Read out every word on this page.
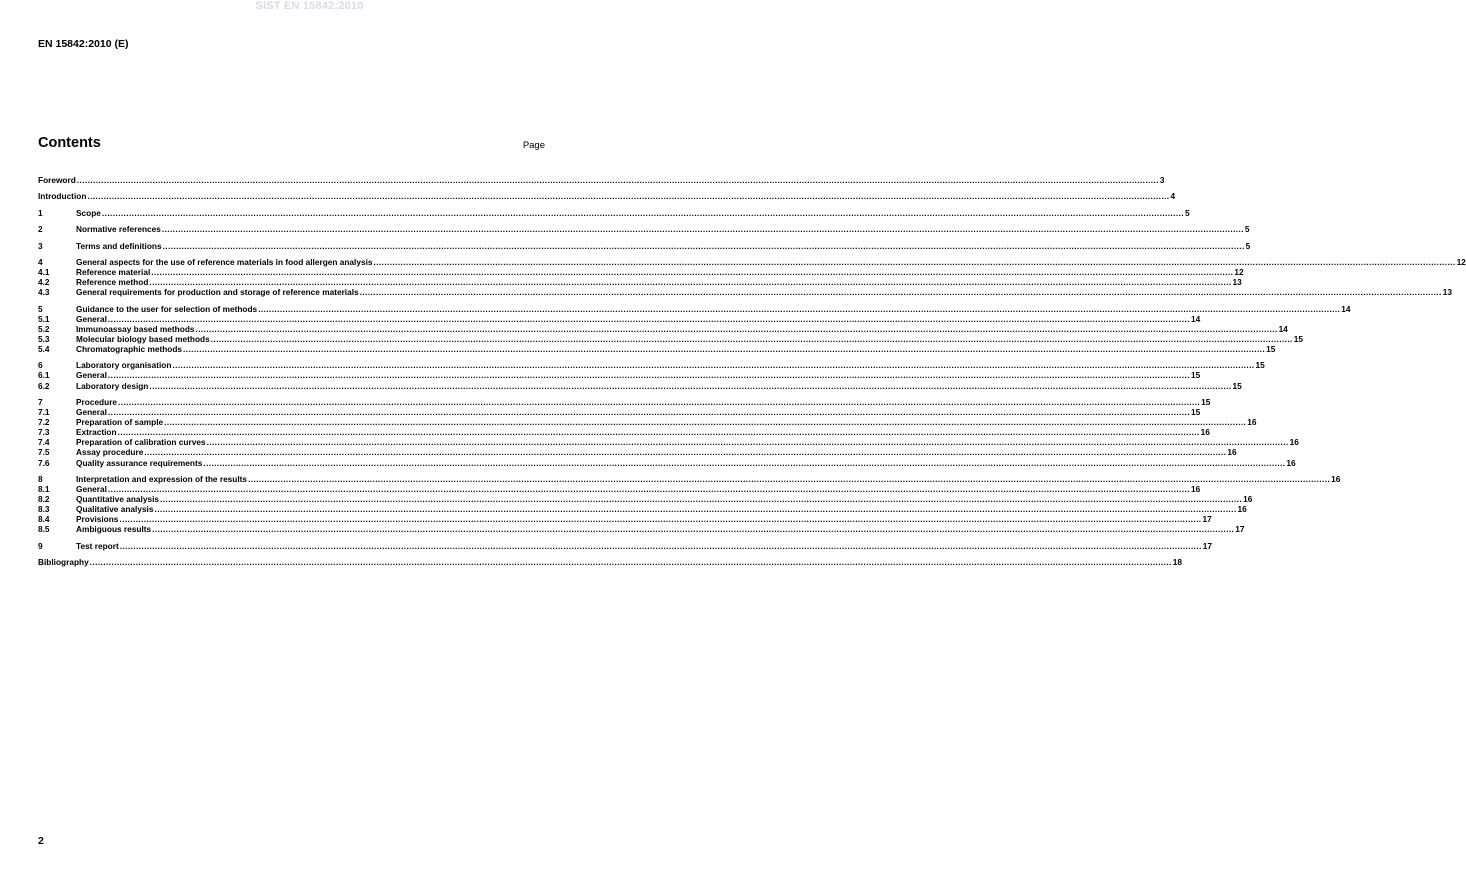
SIST EN 15842:2010
EN 15842:2010 (E)
Contents	Page
Foreword ................................................................................................................................................................................................................................................................................................................................................................................................................ 3
Introduction ................................................................................................................................................................................................................................................................................................................................................................................................................ 4
1	Scope ................................................................................................................................................................................................................................................................................................................................................................................................................ 5
2	Normative references ................................................................................................................................................................................................................................................................................................................................................................................................................ 5
3	Terms and definitions ................................................................................................................................................................................................................................................................................................................................................................................................................ 5
4	General aspects for the use of reference materials in food allergen analysis ................................................................................................................................................................................................................................................................................................................................................................................................................ 12
4.1	Reference material ................................................................................................................................................................................................................................................................................................................................................................................................................ 12
4.2	Reference method ................................................................................................................................................................................................................................................................................................................................................................................................................ 13
4.3	General requirements for production and storage of reference materials ................................................................................................................................................................................................................................................................................................................................................................................................................ 13
5	Guidance to the user for selection of methods ................................................................................................................................................................................................................................................................................................................................................................................................................ 14
5.1	General ................................................................................................................................................................................................................................................................................................................................................................................................................ 14
5.2	Immunoassay based methods ................................................................................................................................................................................................................................................................................................................................................................................................................ 14
5.3	Molecular biology based methods ................................................................................................................................................................................................................................................................................................................................................................................................................ 15
5.4	Chromatographic methods ................................................................................................................................................................................................................................................................................................................................................................................................................ 15
6	Laboratory organisation ................................................................................................................................................................................................................................................................................................................................................................................................................ 15
6.1	General ................................................................................................................................................................................................................................................................................................................................................................................................................ 15
6.2	Laboratory design ................................................................................................................................................................................................................................................................................................................................................................................................................ 15
7	Procedure ................................................................................................................................................................................................................................................................................................................................................................................................................ 15
7.1	General ................................................................................................................................................................................................................................................................................................................................................................................................................ 15
7.2	Preparation of sample ................................................................................................................................................................................................................................................................................................................................................................................................................ 16
7.3	Extraction ................................................................................................................................................................................................................................................................................................................................................................................................................ 16
7.4	Preparation of calibration curves ................................................................................................................................................................................................................................................................................................................................................................................................................ 16
7.5	Assay procedure ................................................................................................................................................................................................................................................................................................................................................................................................................ 16
7.6	Quality assurance requirements ................................................................................................................................................................................................................................................................................................................................................................................................................ 16
8	Interpretation and expression of the results ................................................................................................................................................................................................................................................................................................................................................................................................................ 16
8.1	General ................................................................................................................................................................................................................................................................................................................................................................................................................ 16
8.2	Quantitative analysis ................................................................................................................................................................................................................................................................................................................................................................................................................ 16
8.3	Qualitative analysis ................................................................................................................................................................................................................................................................................................................................................................................................................ 16
8.4	Provisions ................................................................................................................................................................................................................................................................................................................................................................................................................ 17
8.5	Ambiguous results ................................................................................................................................................................................................................................................................................................................................................................................................................ 17
9	Test report ................................................................................................................................................................................................................................................................................................................................................................................................................ 17
Bibliography ................................................................................................................................................................................................................................................................................................................................................................................................................ 18
2
